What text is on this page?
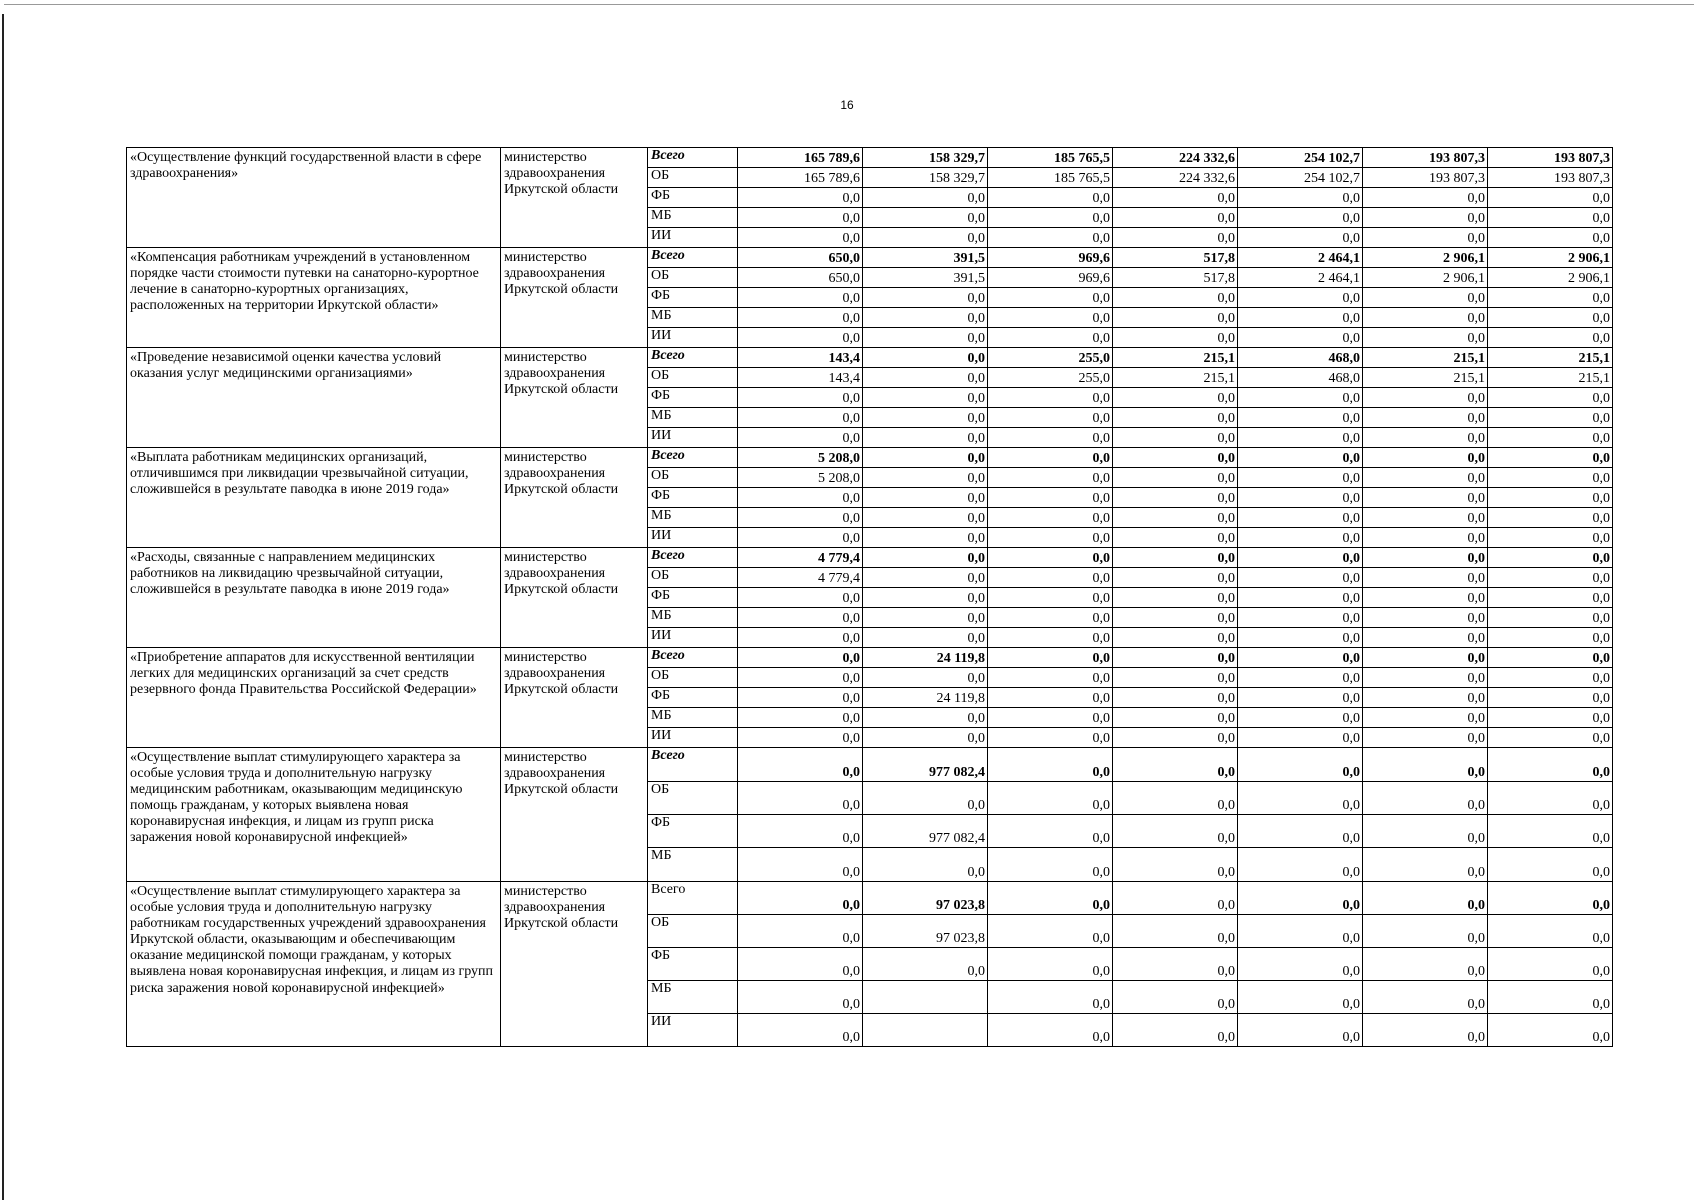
16
«Осуществление функций государственной власти в сфере здравоохранения»	министерство здравоохранения Иркутской области	Всего	165 789,6	158 329,7	185 765,5	224 332,6	254 102,7	193 807,3	193 807,3
		ОБ	165 789,6	158 329,7	185 765,5	224 332,6	254 102,7	193 807,3	193 807,3
		ФБ	0,0	0,0	0,0	0,0	0,0	0,0	0,0
		МБ	0,0	0,0	0,0	0,0	0,0	0,0	0,0
		ИИ	0,0	0,0	0,0	0,0	0,0	0,0	0,0
«Компенсация работникам учреждений в установленном порядке части стоимости путевки на санаторно-курортное лечение в санаторно-курортных организациях, расположенных на территории Иркутской области»	министерство здравоохранения Иркутской области	Всего	650,0	391,5	969,6	517,8	2 464,1	2 906,1	2 906,1
		ОБ	650,0	391,5	969,6	517,8	2 464,1	2 906,1	2 906,1
		ФБ	0,0	0,0	0,0	0,0	0,0	0,0	0,0
		МБ	0,0	0,0	0,0	0,0	0,0	0,0	0,0
		ИИ	0,0	0,0	0,0	0,0	0,0	0,0	0,0
«Проведение независимой оценки качества условий оказания услуг медицинскими организациями»	министерство здравоохранения Иркутской области	Всего	143,4	0,0	255,0	215,1	468,0	215,1	215,1
		ОБ	143,4	0,0	255,0	215,1	468,0	215,1	215,1
		ФБ	0,0	0,0	0,0	0,0	0,0	0,0	0,0
		МБ	0,0	0,0	0,0	0,0	0,0	0,0	0,0
		ИИ	0,0	0,0	0,0	0,0	0,0	0,0	0,0
«Выплата работникам медицинских организаций, отличившимся при ликвидации чрезвычайной ситуации, сложившейся в результате паводка в июне 2019 года»	министерство здравоохранения Иркутской области	Всего	5 208,0	0,0	0,0	0,0	0,0	0,0	0,0
		ОБ	5 208,0	0,0	0,0	0,0	0,0	0,0	0,0
		ФБ	0,0	0,0	0,0	0,0	0,0	0,0	0,0
		МБ	0,0	0,0	0,0	0,0	0,0	0,0	0,0
		ИИ	0,0	0,0	0,0	0,0	0,0	0,0	0,0
«Расходы, связанные с направлением медицинских работников на ликвидацию чрезвычайной ситуации, сложившейся в результате паводка в июне 2019 года»	министерство здравоохранения Иркутской области	Всего	4 779,4	0,0	0,0	0,0	0,0	0,0	0,0
		ОБ	4 779,4	0,0	0,0	0,0	0,0	0,0	0,0
		ФБ	0,0	0,0	0,0	0,0	0,0	0,0	0,0
		МБ	0,0	0,0	0,0	0,0	0,0	0,0	0,0
		ИИ	0,0	0,0	0,0	0,0	0,0	0,0	0,0
«Приобретение аппаратов для искусственной вентиляции легких для медицинских организаций за счет средств резервного фонда Правительства Российской Федерации»	министерство здравоохранения Иркутской области	Всего	0,0	24 119,8	0,0	0,0	0,0	0,0	0,0
		ОБ	0,0	0,0	0,0	0,0	0,0	0,0	0,0
		ФБ	0,0	24 119,8	0,0	0,0	0,0	0,0	0,0
		МБ	0,0	0,0	0,0	0,0	0,0	0,0	0,0
		ИИ	0,0	0,0	0,0	0,0	0,0	0,0	0,0
«Осуществление выплат стимулирующего характера за особые условия труда и дополнительную нагрузку медицинским работникам, оказывающим медицинскую помощь гражданам, у которых выявлена новая коронавирусная инфекция, и лицам из групп риска заражения новой коронавирусной инфекцией»	министерство здравоохранения Иркутской области	Всего	0,0	977 082,4	0,0	0,0	0,0	0,0	0,0
		ОБ	0,0	0,0	0,0	0,0	0,0	0,0	0,0
		ФБ	0,0	977 082,4	0,0	0,0	0,0	0,0	0,0
		МБ	0,0	0,0	0,0	0,0	0,0	0,0	0,0
«Осуществление выплат стимулирующего характера за особые условия труда и дополнительную нагрузку работникам государственных учреждений здравоохранения Иркутской области, оказывающим и обеспечивающим оказание медицинской помощи гражданам, у которых выявлена новая коронавирусная инфекция, и лицам из групп риска заражения новой коронавирусной инфекцией»	министерство здравоохранения Иркутской области	Всего	0,0	97 023,8	0,0	0,0	0,0	0,0	0,0
		ОБ	0,0	97 023,8	0,0	0,0	0,0	0,0	0,0
		ФБ	0,0	0,0	0,0	0,0	0,0	0,0	0,0
		МБ	0,0		0,0	0,0	0,0	0,0	0,0
		ИИ	0,0		0,0	0,0	0,0	0,0	0,0
